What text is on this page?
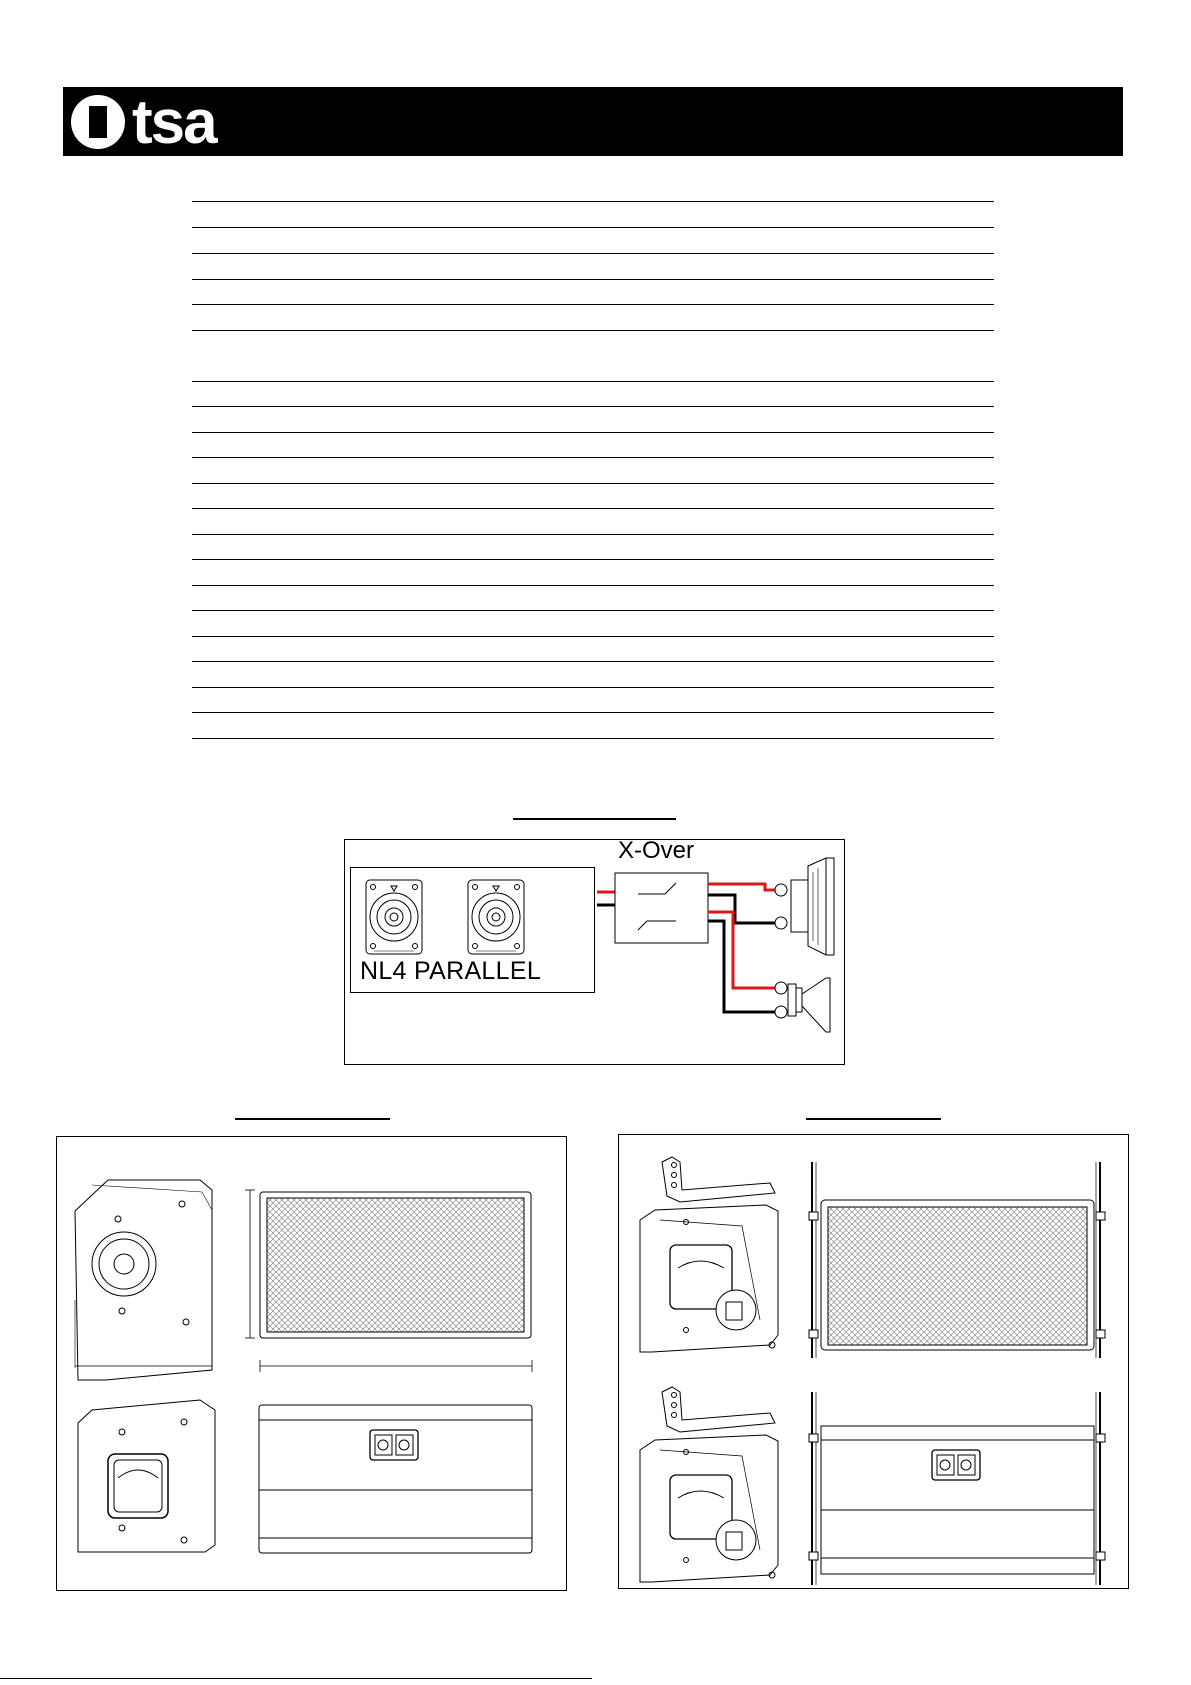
tsa
X-Over
NL4 PARALLEL
